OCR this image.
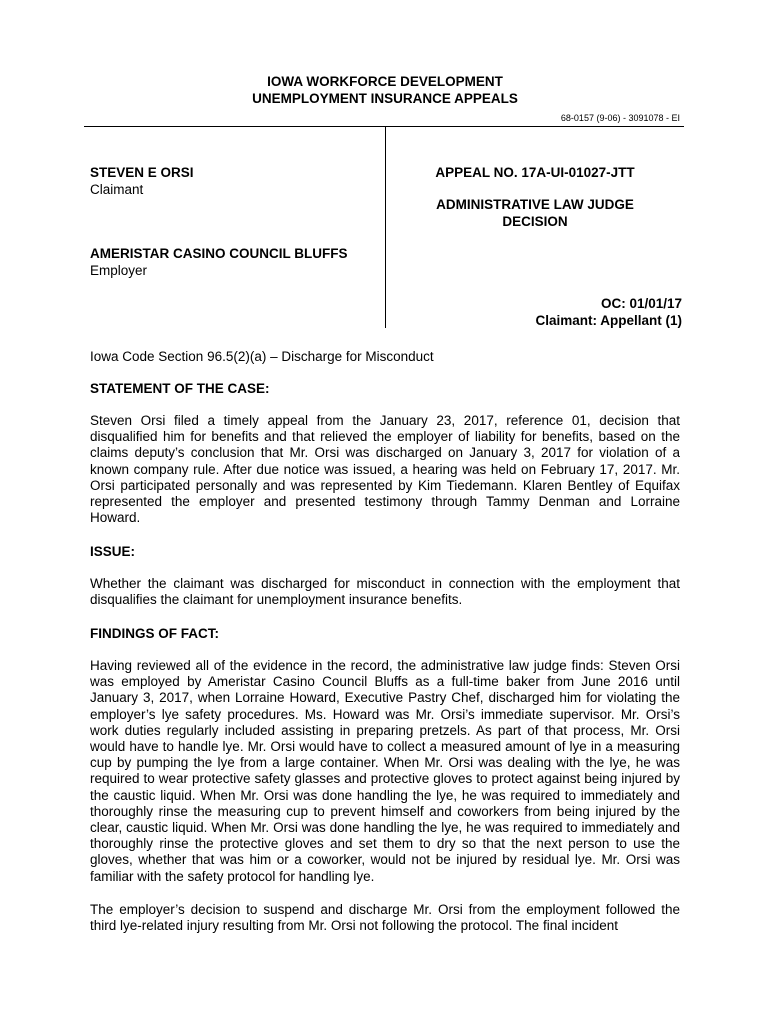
IOWA WORKFORCE DEVELOPMENT
UNEMPLOYMENT INSURANCE APPEALS
68-0157 (9-06) - 3091078 - EI
STEVEN E ORSI
Claimant
AMERISTAR CASINO COUNCIL BLUFFS
Employer
APPEAL NO. 17A-UI-01027-JTT
ADMINISTRATIVE LAW JUDGE
DECISION
OC: 01/01/17
Claimant: Appellant (1)
Iowa Code Section 96.5(2)(a) – Discharge for Misconduct
STATEMENT OF THE CASE:

Steven Orsi filed a timely appeal from the January 23, 2017, reference 01, decision that disqualified him for benefits and that relieved the employer of liability for benefits, based on the claims deputy’s conclusion that Mr. Orsi was discharged on January 3, 2017 for violation of a known company rule. After due notice was issued, a hearing was held on February 17, 2017. Mr. Orsi participated personally and was represented by Kim Tiedemann. Klaren Bentley of Equifax represented the employer and presented testimony through Tammy Denman and Lorraine Howard.

ISSUE:

Whether the claimant was discharged for misconduct in connection with the employment that disqualifies the claimant for unemployment insurance benefits.

FINDINGS OF FACT:

Having reviewed all of the evidence in the record, the administrative law judge finds: Steven Orsi was employed by Ameristar Casino Council Bluffs as a full-time baker from June 2016 until January 3, 2017, when Lorraine Howard, Executive Pastry Chef, discharged him for violating the employer’s lye safety procedures. Ms. Howard was Mr. Orsi’s immediate supervisor. Mr. Orsi’s work duties regularly included assisting in preparing pretzels. As part of that process, Mr. Orsi would have to handle lye. Mr. Orsi would have to collect a measured amount of lye in a measuring cup by pumping the lye from a large container. When Mr. Orsi was dealing with the lye, he was required to wear protective safety glasses and protective gloves to protect against being injured by the caustic liquid. When Mr. Orsi was done handling the lye, he was required to immediately and thoroughly rinse the measuring cup to prevent himself and coworkers from being injured by the clear, caustic liquid. When Mr. Orsi was done handling the lye, he was required to immediately and thoroughly rinse the protective gloves and set them to dry so that the next person to use the gloves, whether that was him or a coworker, would not be injured by residual lye. Mr. Orsi was familiar with the safety protocol for handling lye.

The employer’s decision to suspend and discharge Mr. Orsi from the employment followed the third lye-related injury resulting from Mr. Orsi not following the protocol. The final incident
